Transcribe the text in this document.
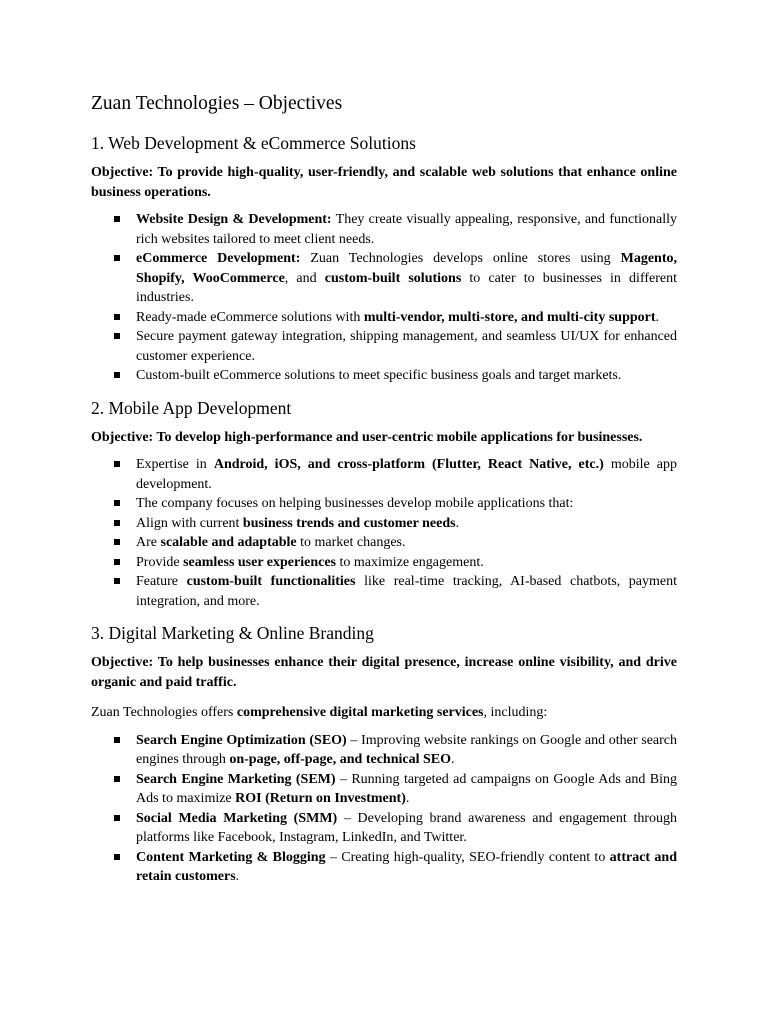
Zuan Technologies – Objectives
1. Web Development & eCommerce Solutions

Objective: To provide high-quality, user-friendly, and scalable web solutions that enhance online business operations.

Website Design & Development: They create visually appealing, responsive, and functionally rich websites tailored to meet client needs.
eCommerce Development: Zuan Technologies develops online stores using Magento, Shopify, WooCommerce, and custom-built solutions to cater to businesses in different industries.
Ready-made eCommerce solutions with multi-vendor, multi-store, and multi-city support.
Secure payment gateway integration, shipping management, and seamless UI/UX for enhanced customer experience.
Custom-built eCommerce solutions to meet specific business goals and target markets.
2. Mobile App Development

Objective: To develop high-performance and user-centric mobile applications for businesses.

Expertise in Android, iOS, and cross-platform (Flutter, React Native, etc.) mobile app development.
The company focuses on helping businesses develop mobile applications that:
Align with current business trends and customer needs.
Are scalable and adaptable to market changes.
Provide seamless user experiences to maximize engagement.
Feature custom-built functionalities like real-time tracking, AI-based chatbots, payment integration, and more.
3. Digital Marketing & Online Branding

Objective: To help businesses enhance their digital presence, increase online visibility, and drive organic and paid traffic.

Zuan Technologies offers comprehensive digital marketing services, including:

Search Engine Optimization (SEO) – Improving website rankings on Google and other search engines through on-page, off-page, and technical SEO.
Search Engine Marketing (SEM) – Running targeted ad campaigns on Google Ads and Bing Ads to maximize ROI (Return on Investment).
Social Media Marketing (SMM) – Developing brand awareness and engagement through platforms like Facebook, Instagram, LinkedIn, and Twitter.
Content Marketing & Blogging – Creating high-quality, SEO-friendly content to attract and retain customers.
